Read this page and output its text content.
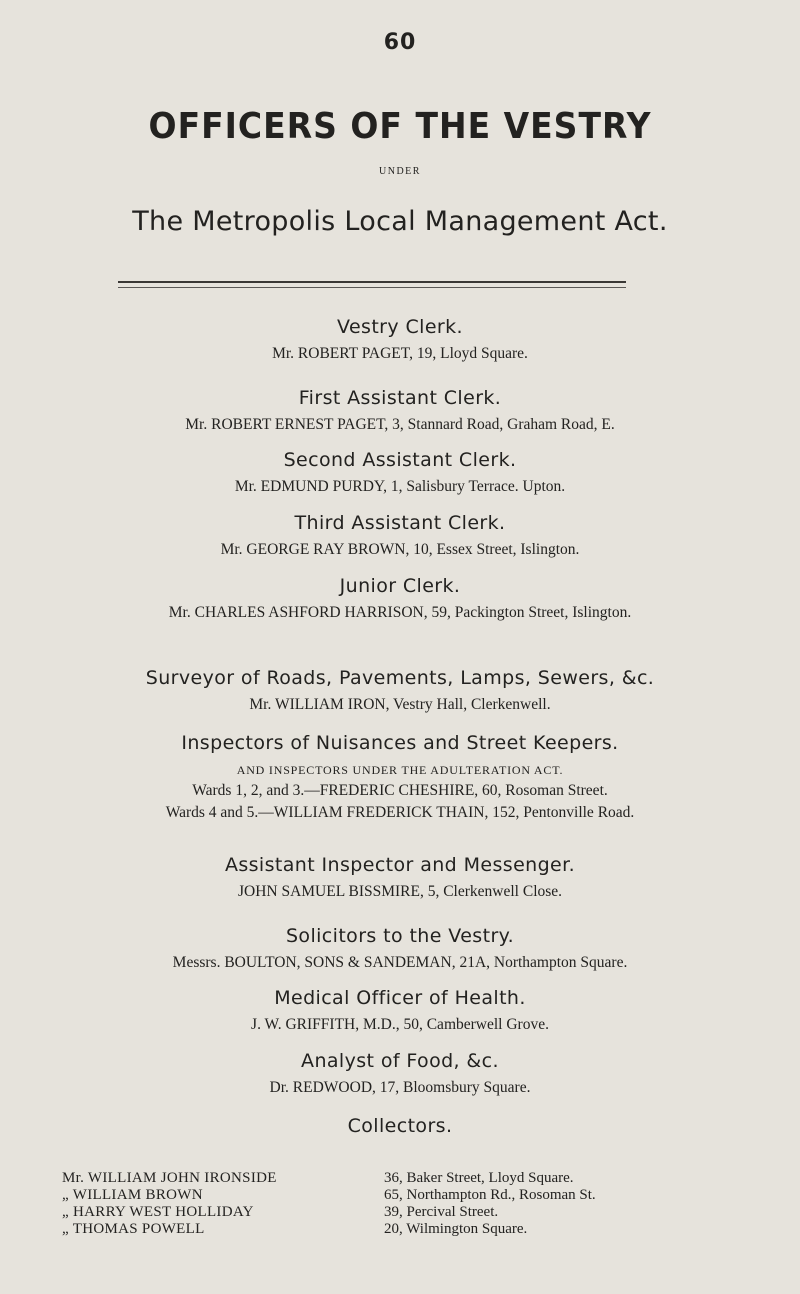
60
OFFICERS OF THE VESTRY
UNDER
The Metropolis Local Management Act.
Vestry Clerk.
Mr. ROBERT PAGET, 19, Lloyd Square.
First Assistant Clerk.
Mr. ROBERT ERNEST PAGET, 3, Stannard Road, Graham Road, E.
Second Assistant Clerk.
Mr. EDMUND PURDY, 1, Salisbury Terrace. Upton.
Third Assistant Clerk.
Mr. GEORGE RAY BROWN, 10, Essex Street, Islington.
Junior Clerk.
Mr. CHARLES ASHFORD HARRISON, 59, Packington Street, Islington.
Surveyor of Roads, Pavements, Lamps, Sewers, &c.
Mr. WILLIAM IRON, Vestry Hall, Clerkenwell.
Inspectors of Nuisances and Street Keepers.
AND INSPECTORS UNDER THE ADULTERATION ACT.
Wards 1, 2, and 3.—FREDERIC CHESHIRE, 60, Rosoman Street.
Wards 4 and 5.—WILLIAM FREDERICK THAIN, 152, Pentonville Road.
Assistant Inspector and Messenger.
JOHN SAMUEL BISSMIRE, 5, Clerkenwell Close.
Solicitors to the Vestry.
Messrs. BOULTON, SONS & SANDEMAN, 21A, Northampton Square.
Medical Officer of Health.
J. W. GRIFFITH, M.D., 50, Camberwell Grove.
Analyst of Food, &c.
Dr. REDWOOD, 17, Bloomsbury Square.
Collectors.
Mr. WILLIAM JOHN IRONSIDE	36, Baker Street, Lloyd Square.
„ WILLIAM BROWN	65, Northampton Rd., Rosoman St.
„ HARRY WEST HOLLIDAY	39, Percival Street.
„ THOMAS POWELL	20, Wilmington Square.
